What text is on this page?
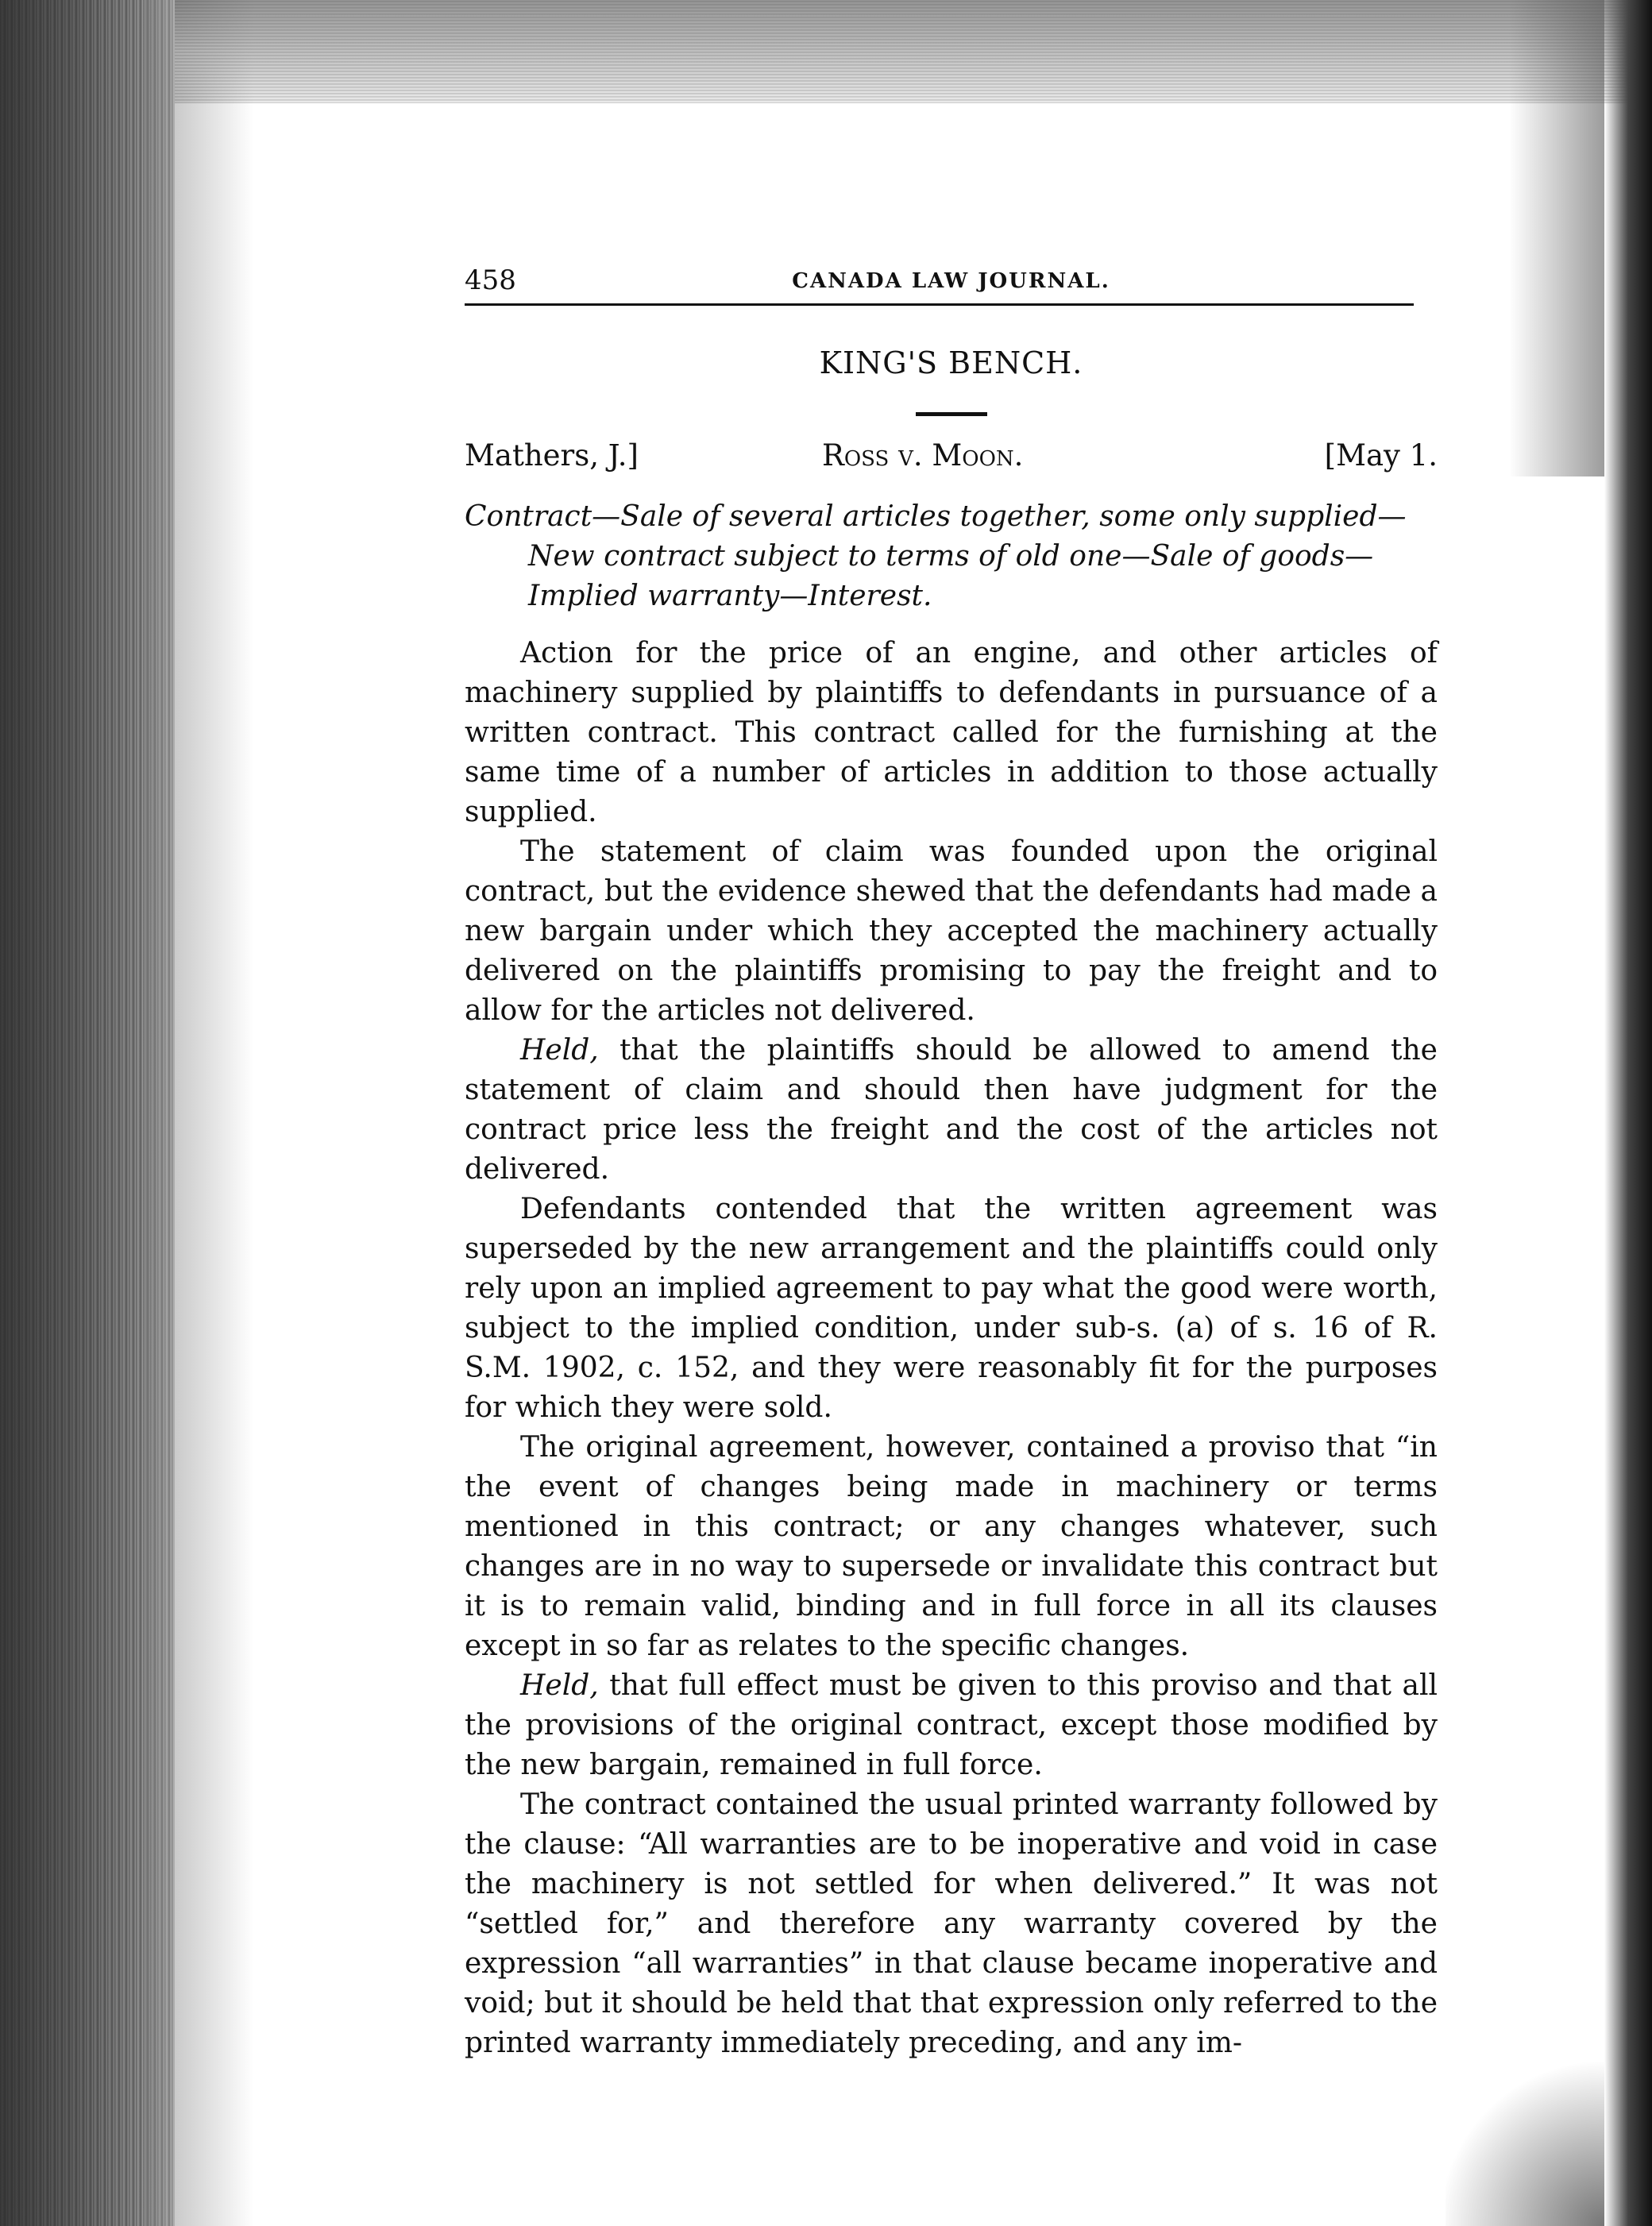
458	CANADA LAW JOURNAL.
KING'S BENCH.
Mathers, J.]	Ross v. Moon.	[May 1.
Contract—Sale of several articles together, some only supplied—New contract subject to terms of old one—Sale of goods—Implied warranty—Interest.

Action for the price of an engine, and other articles of machinery supplied by plaintiffs to defendants in pursuance of a written contract. This contract called for the furnishing at the same time of a number of articles in addition to those actually supplied.

The statement of claim was founded upon the original contract, but the evidence shewed that the defendants had made a new bargain under which they accepted the machinery actually delivered on the plaintiffs promising to pay the freight and to allow for the articles not delivered.

Held, that the plaintiffs should be allowed to amend the statement of claim and should then have judgment for the contract price less the freight and the cost of the articles not delivered.

Defendants contended that the written agreement was superseded by the new arrangement and the plaintiffs could only rely upon an implied agreement to pay what the good were worth, subject to the implied condition, under sub-s. (a) of s. 16 of R. S.M. 1902, c. 152, and they were reasonably fit for the purposes for which they were sold.

The original agreement, however, contained a proviso that “in the event of changes being made in machinery or terms mentioned in this contract; or any changes whatever, such changes are in no way to supersede or invalidate this contract but it is to remain valid, binding and in full force in all its clauses except in so far as relates to the specific changes.

Held, that full effect must be given to this proviso and that all the provisions of the original contract, except those modified by the new bargain, remained in full force.

The contract contained the usual printed warranty followed by the clause: “All warranties are to be inoperative and void in case the machinery is not settled for when delivered.” It was not “settled for,” and therefore any warranty covered by the expression “all warranties” in that clause became inoperative and void; but it should be held that that expression only referred to the printed warranty immediately preceding, and any im-
